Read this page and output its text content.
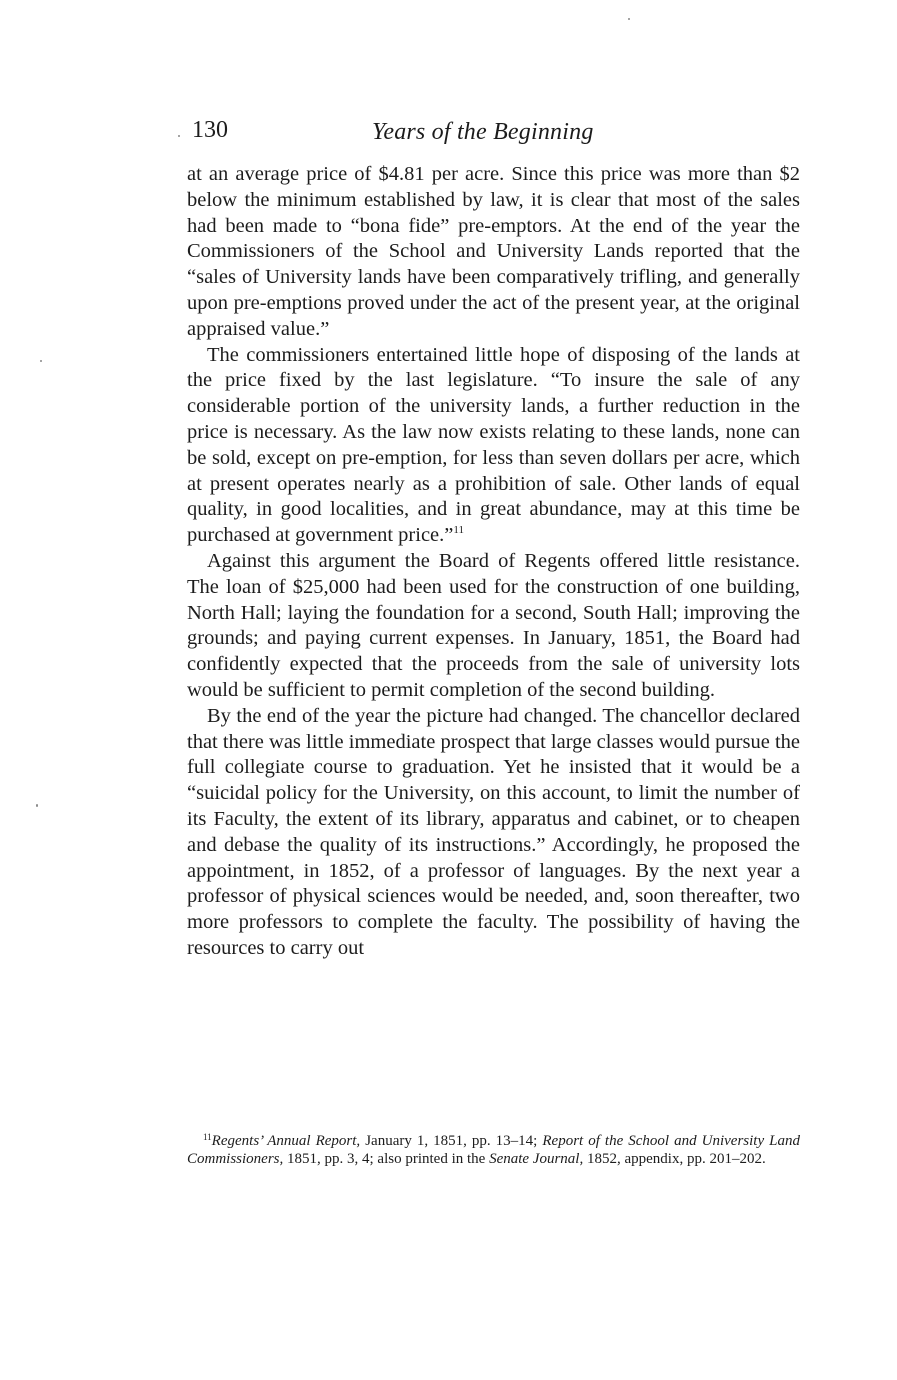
130	Years of the Beginning

at an average price of $4.81 per acre. Since this price was more than $2 below the minimum established by law, it is clear that most of the sales had been made to “bona fide” pre-emptors. At the end of the year the Commissioners of the School and University Lands reported that the “sales of University lands have been comparatively trifling, and generally upon pre-emptions proved under the act of the present year, at the original appraised value.”

The commissioners entertained little hope of disposing of the lands at the price fixed by the last legislature. “To insure the sale of any considerable portion of the university lands, a further reduction in the price is necessary. As the law now exists relating to these lands, none can be sold, except on pre-emption, for less than seven dollars per acre, which at present operates nearly as a prohibition of sale. Other lands of equal quality, in good localities, and in great abundance, may at this time be purchased at government price.”$^{11}$

Against this argument the Board of Regents offered little resistance. The loan of $25,000 had been used for the construction of one building, North Hall; laying the foundation for a second, South Hall; improving the grounds; and paying current expenses. In January, 1851, the Board had confidently expected that the proceeds from the sale of university lots would be sufficient to permit completion of the second building.

By the end of the year the picture had changed. The chancellor declared that there was little immediate prospect that large classes would pursue the full collegiate course to graduation. Yet he insisted that it would be a “suicidal policy for the University, on this account, to limit the number of its Faculty, the extent of its library, apparatus and cabinet, or to cheapen and debase the quality of its instructions.” Accordingly, he proposed the appointment, in 1852, of a professor of languages. By the next year a professor of physical sciences would be needed, and, soon thereafter, two more professors to complete the faculty. The possibility of having the resources to carry out

$^{11}$Regents’ Annual Report, January 1, 1851, pp. 13–14; Report of the School and University Land Commissioners, 1851, pp. 3, 4; also printed in the Senate Journal, 1852, appendix, pp. 201–202.
